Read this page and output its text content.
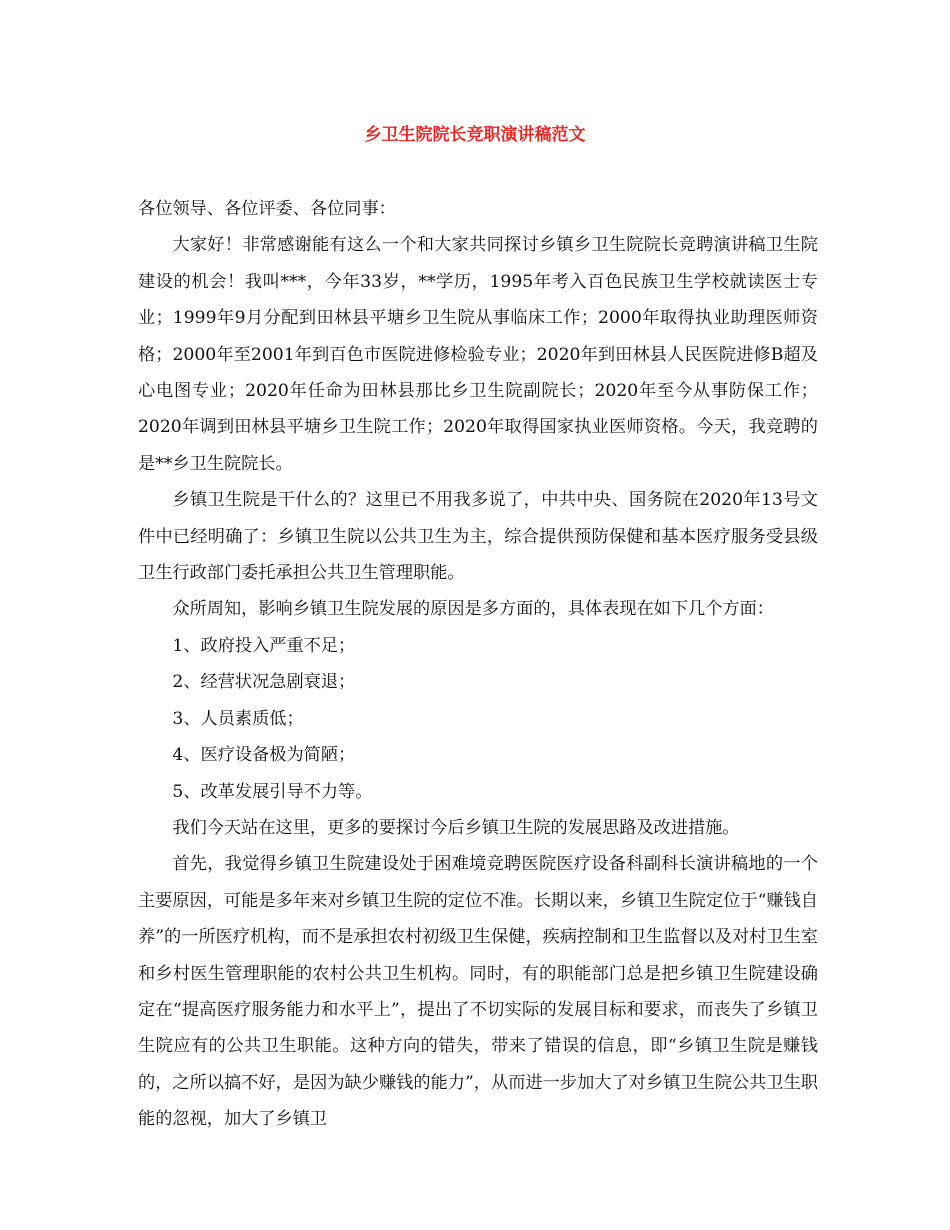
乡卫生院院长竞职演讲稿范文

各位领导、各位评委、各位同事：

大家好！非常感谢能有这么一个和大家共同探讨乡镇乡卫生院院长竞聘演讲稿卫生院建设的机会！我叫***，今年33岁，**学历，1995年考入百色民族卫生学校就读医士专业；1999年9月分配到田林县平塘乡卫生院从事临床工作；2000年取得执业助理医师资格；2000年至2001年到百色市医院进修检验专业；2020年到田林县人民医院进修B超及心电图专业；2020年任命为田林县那比乡卫生院副院长；2020年至今从事防保工作；2020年调到田林县平塘乡卫生院工作；2020年取得国家执业医师资格。今天，我竞聘的是**乡卫生院院长。

乡镇卫生院是干什么的？这里已不用我多说了，中共中央、国务院在2020年13号文件中已经明确了：乡镇卫生院以公共卫生为主，综合提供预防保健和基本医疗服务受县级卫生行政部门委托承担公共卫生管理职能。

众所周知，影响乡镇卫生院发展的原因是多方面的，具体表现在如下几个方面：

1、政府投入严重不足；

2、经营状况急剧衰退；

3、人员素质低；

4、医疗设备极为简陋；

5、改革发展引导不力等。

我们今天站在这里，更多的要探讨今后乡镇卫生院的发展思路及改进措施。

首先，我觉得乡镇卫生院建设处于困难境竞聘医院医疗设备科副科长演讲稿地的一个主要原因，可能是多年来对乡镇卫生院的定位不准。长期以来，乡镇卫生院定位于“赚钱自养”的一所医疗机构，而不是承担农村初级卫生保健，疾病控制和卫生监督以及对村卫生室和乡村医生管理职能的农村公共卫生机构。同时，有的职能部门总是把乡镇卫生院建设确定在“提高医疗服务能力和水平上”，提出了不切实际的发展目标和要求，而丧失了乡镇卫生院应有的公共卫生职能。这种方向的错失，带来了错误的信息，即“乡镇卫生院是赚钱的，之所以搞不好，是因为缺少赚钱的能力”，从而进一步加大了对乡镇卫生院公共卫生职能的忽视，加大了乡镇卫
